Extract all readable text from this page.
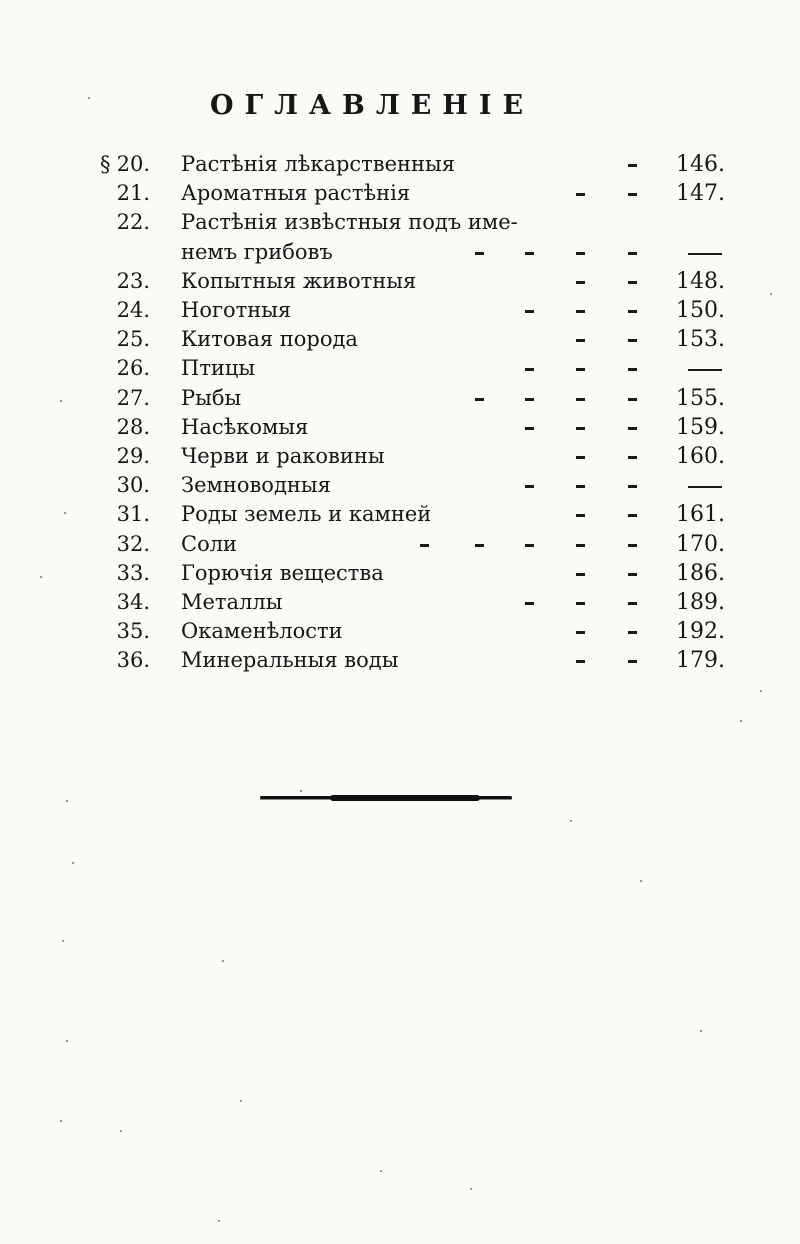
ОГЛАВЛЕНІЕ
§ 20. Растѣнія лѣкарственныя	146.
21. Ароматныя растѣнія	147.
22. Растѣнія извѣстныя подъ име-
немъ грибовъ
23. Копытныя животныя	148.
24. Ноготныя	150.
25. Китовая порода	153.
26. Птицы
27. Рыбы	155.
28. Насѣкомыя	159.
29. Черви и раковины	160.
30. Земноводныя
31. Роды земель и камней	161.
32. Соли	170.
33. Горючія вещества	186.
34. Металлы	189.
35. Окаменѣлости	192.
36. Минеральныя воды	179.
